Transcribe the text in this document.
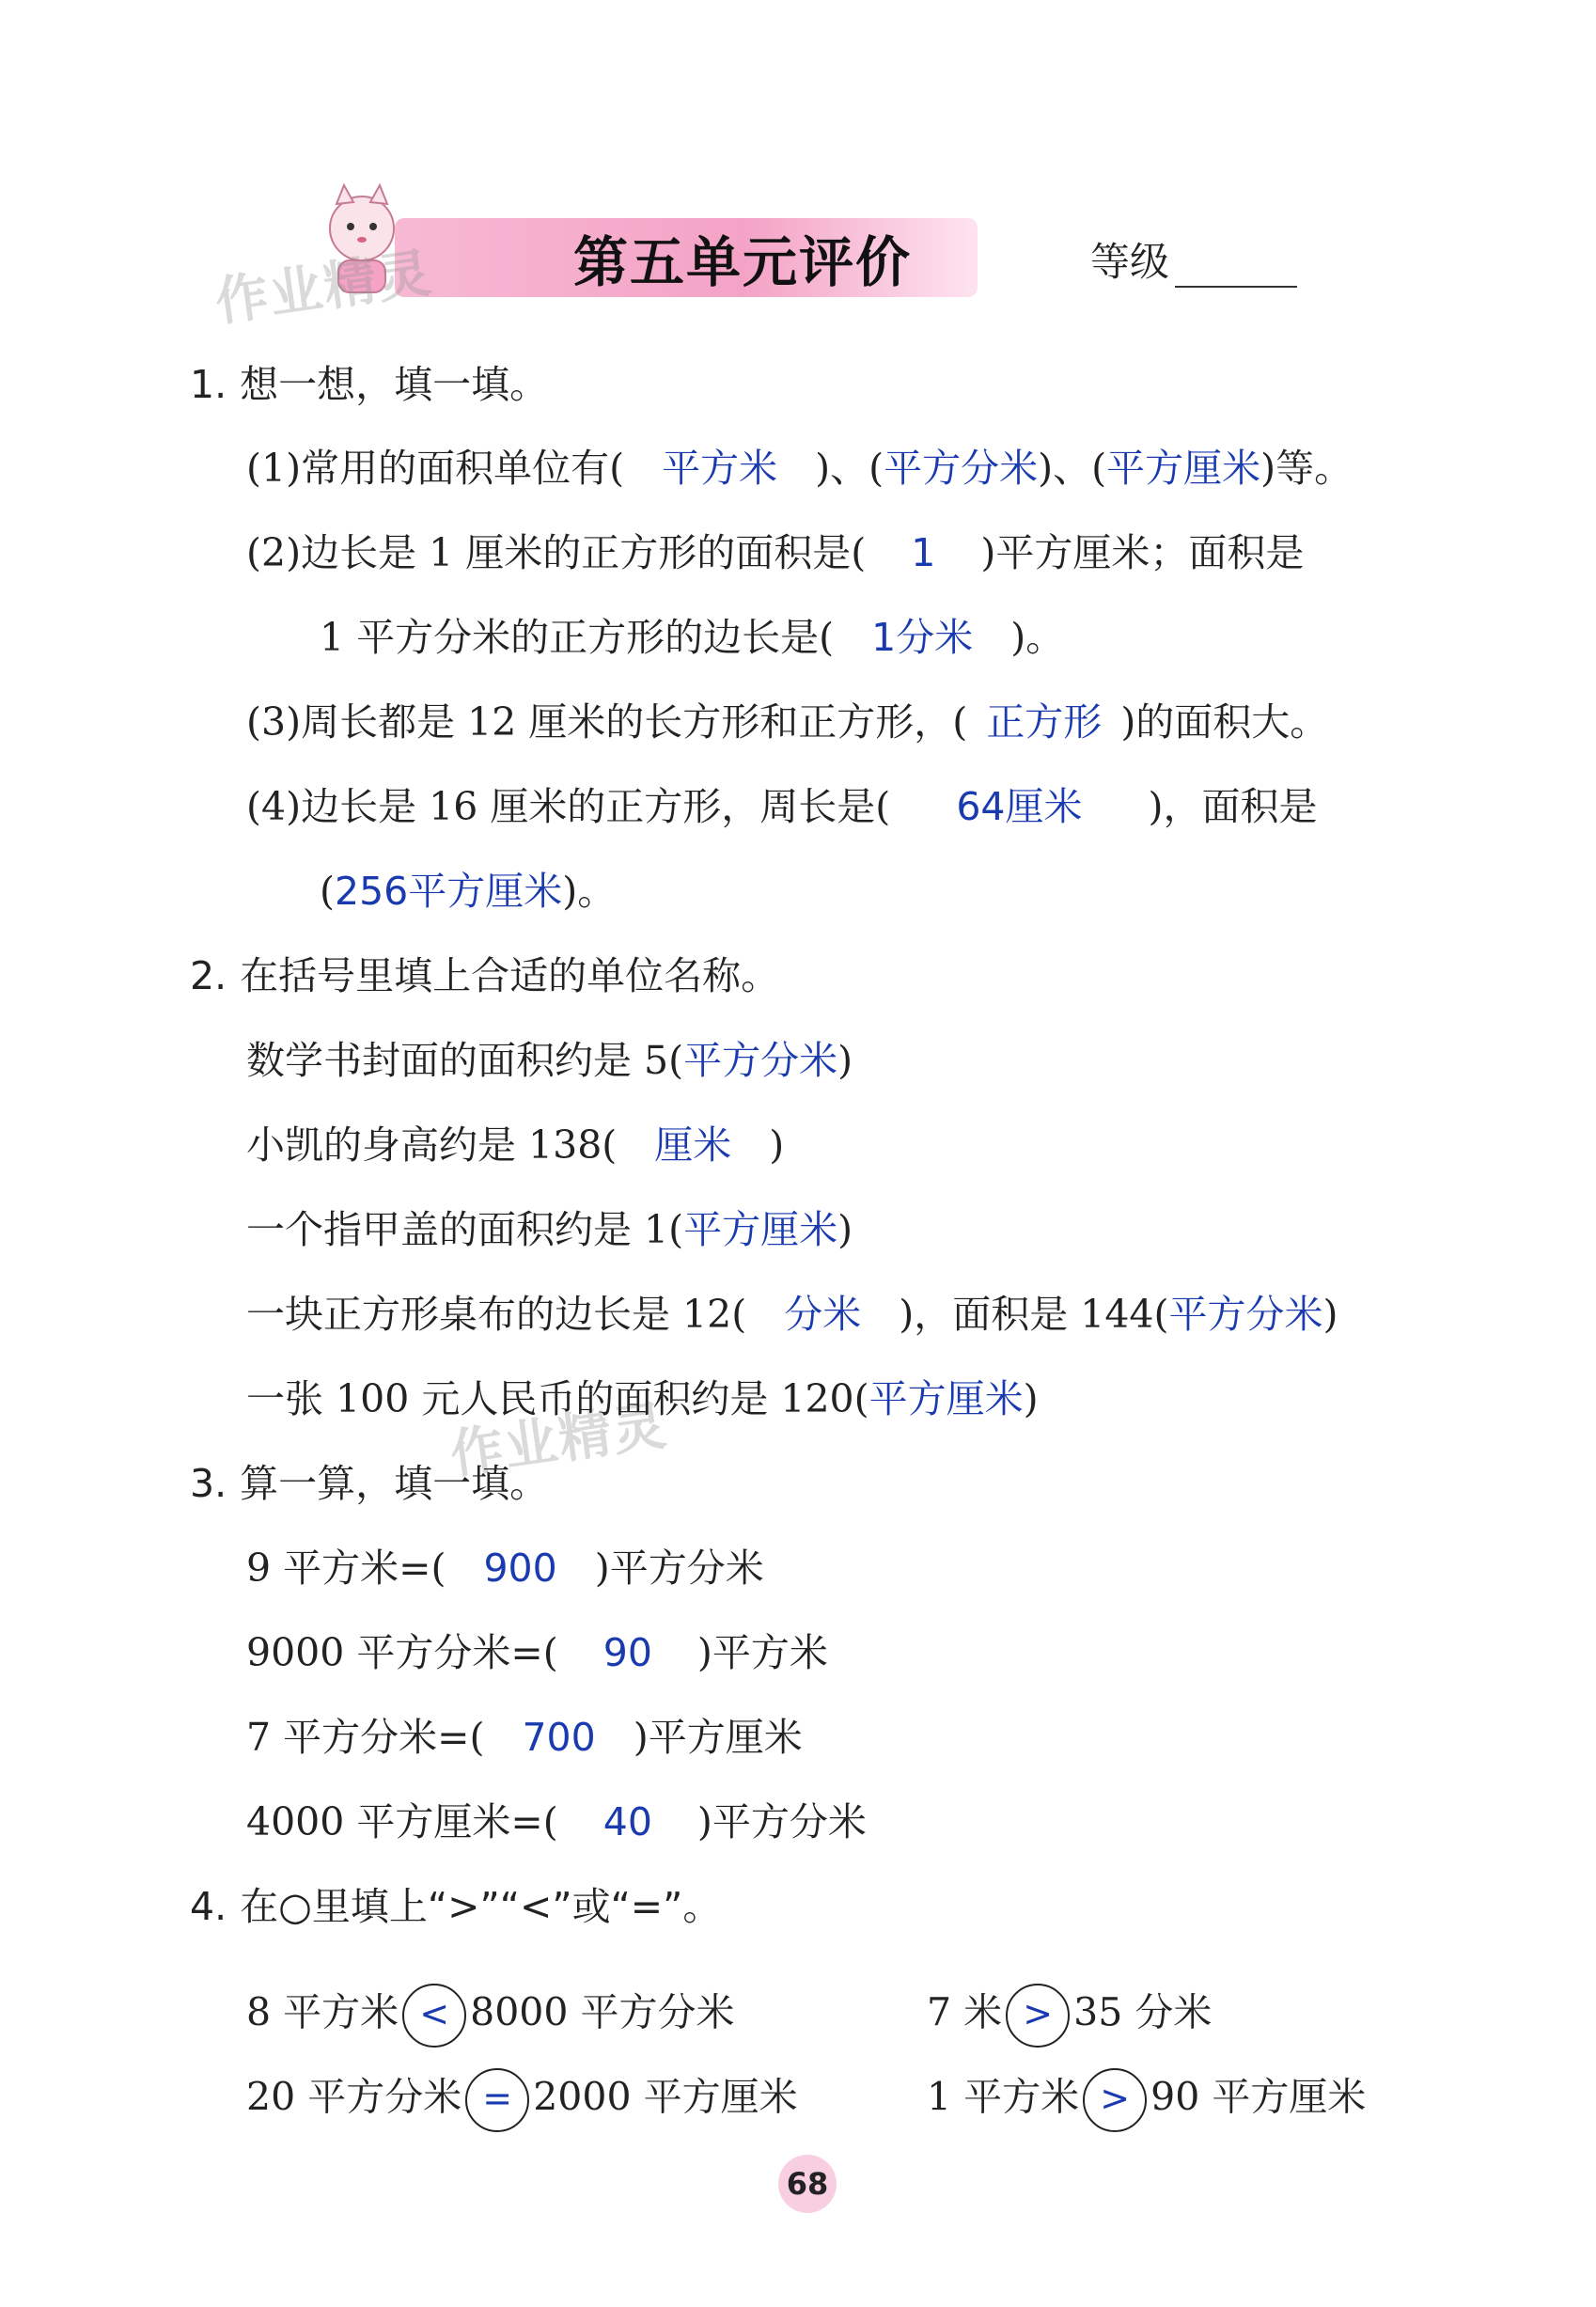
第五单元评价	等级
作业精灵
作业精灵
1. 想一想，填一填。
(1)常用的面积单位有( 平方米 )、(平方分米)、(平方厘米)等。
(2)边长是 1 厘米的正方形的面积是( 1 )平方厘米；面积是
1 平方分米的正方形的边长是( 1分米 )。
(3)周长都是 12 厘米的长方形和正方形，( 正方形 )的面积大。
(4)边长是 16 厘米的正方形，周长是( 64厘米 )，面积是
(256平方厘米)。
2. 在括号里填上合适的单位名称。
数学书封面的面积约是 5(平方分米)
小凯的身高约是 138( 厘米 )
一个指甲盖的面积约是 1(平方厘米)
一块正方形桌布的边长是 12( 分米 )，面积是 144(平方分米)
一张 100 元人民币的面积约是 120(平方厘米)
3. 算一算，填一填。
9 平方米=( 900 )平方分米
9000 平方分米=( 90 )平方米
7 平方分米=( 700 )平方厘米
4000 平方厘米=( 40 )平方分米
4. 在○里填上“>”“<”或“=”。
8 平方米 < 8000 平方分米	7 米 > 35 分米
20 平方分米 = 2000 平方厘米	1 平方米 > 90 平方厘米
68
